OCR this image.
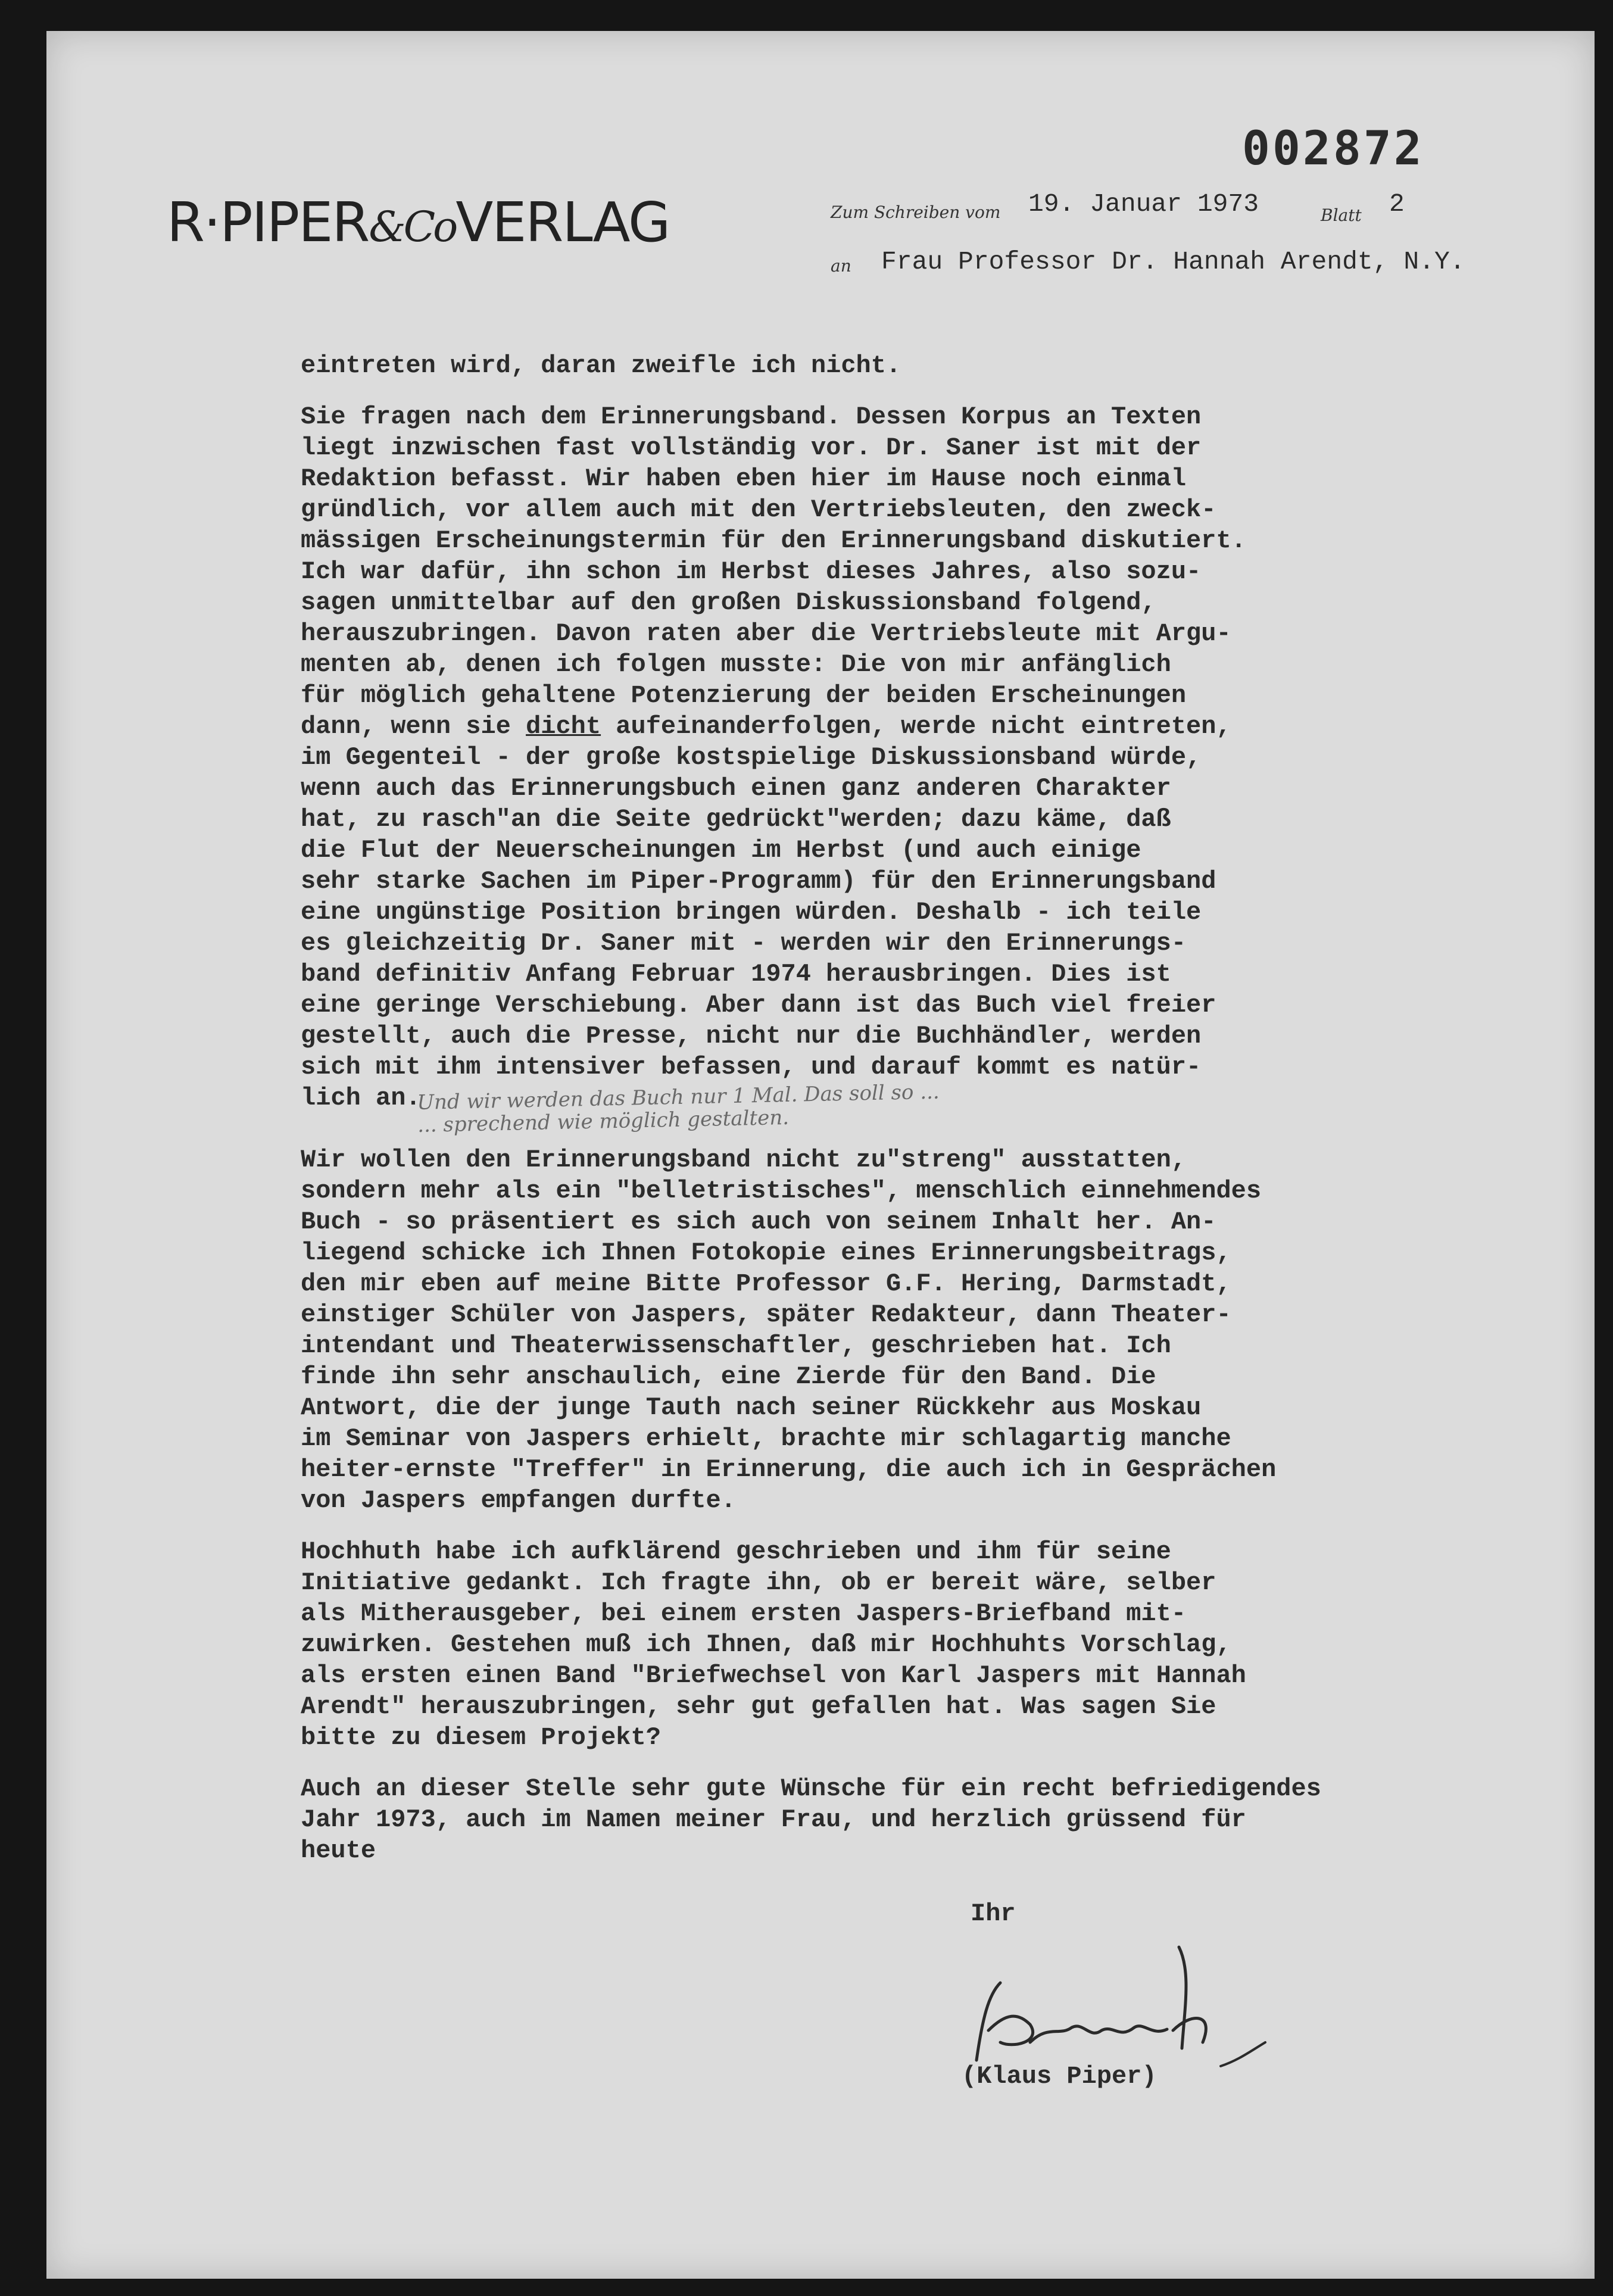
002872
R·PIPER&CoVERLAG	Zum Schreiben vom 19. Januar 1973	Blatt 2
an Frau Professor Dr. Hannah Arendt, N.Y.
eintreten wird, daran zweifle ich nicht.
Sie fragen nach dem Erinnerungsband. Dessen Korpus an Texten
liegt inzwischen fast vollständig vor. Dr. Saner ist mit der
Redaktion befasst. Wir haben eben hier im Hause noch einmal
gründlich, vor allem auch mit den Vertriebsleuten, den zweck-
mässigen Erscheinungstermin für den Erinnerungsband diskutiert.
Ich war dafür, ihn schon im Herbst dieses Jahres, also sozu-
sagen unmittelbar auf den großen Diskussionsband folgend,
herauszubringen. Davon raten aber die Vertriebsleute mit Argu-
menten ab, denen ich folgen musste: Die von mir anfänglich
für möglich gehaltene Potenzierung der beiden Erscheinungen
dann, wenn sie dicht aufeinanderfolgen, werde nicht eintreten,
im Gegenteil - der große kostspielige Diskussionsband würde,
wenn auch das Erinnerungsbuch einen ganz anderen Charakter
hat, zu rasch"an die Seite gedrückt"werden; dazu käme, daß
die Flut der Neuerscheinungen im Herbst (und auch einige
sehr starke Sachen im Piper-Programm) für den Erinnerungsband
eine ungünstige Position bringen würden. Deshalb - ich teile
es gleichzeitig Dr. Saner mit - werden wir den Erinnerungs-
band definitiv Anfang Februar 1974 herausbringen. Dies ist
eine geringe Verschiebung. Aber dann ist das Buch viel freier
gestellt, auch die Presse, nicht nur die Buchhändler, werden
sich mit ihm intensiver befassen, und darauf kommt es natür-
lich an.
Wir wollen den Erinnerungsband nicht zu"streng" ausstatten,
sondern mehr als ein "belletristisches", menschlich einnehmendes
Buch - so präsentiert es sich auch von seinem Inhalt her. An-
liegend schicke ich Ihnen Fotokopie eines Erinnerungsbeitrags,
den mir eben auf meine Bitte Professor G.F. Hering, Darmstadt,
einstiger Schüler von Jaspers, später Redakteur, dann Theater-
intendant und Theaterwissenschaftler, geschrieben hat. Ich
finde ihn sehr anschaulich, eine Zierde für den Band. Die
Antwort, die der junge Tauth nach seiner Rückkehr aus Moskau
im Seminar von Jaspers erhielt, brachte mir schlagartig manche
heiter-ernste "Treffer" in Erinnerung, die auch ich in Gesprächen
von Jaspers empfangen durfte.
Hochhuth habe ich aufklärend geschrieben und ihm für seine
Initiative gedankt. Ich fragte ihn, ob er bereit wäre, selber
als Mitherausgeber, bei einem ersten Jaspers-Briefband mit-
zuwirken. Gestehen muß ich Ihnen, daß mir Hochhuhts Vorschlag,
als ersten einen Band "Briefwechsel von Karl Jaspers mit Hannah
Arendt" herauszubringen, sehr gut gefallen hat. Was sagen Sie
bitte zu diesem Projekt?
Auch an dieser Stelle sehr gute Wünsche für ein recht befriedigendes
Jahr 1973, auch im Namen meiner Frau, und herzlich grüssend für
heute
Und wir werden das Buch nur 1 Mal. Das soll so ...
... sprechend wie möglich gestalten.
Ihr
(Klaus Piper)
